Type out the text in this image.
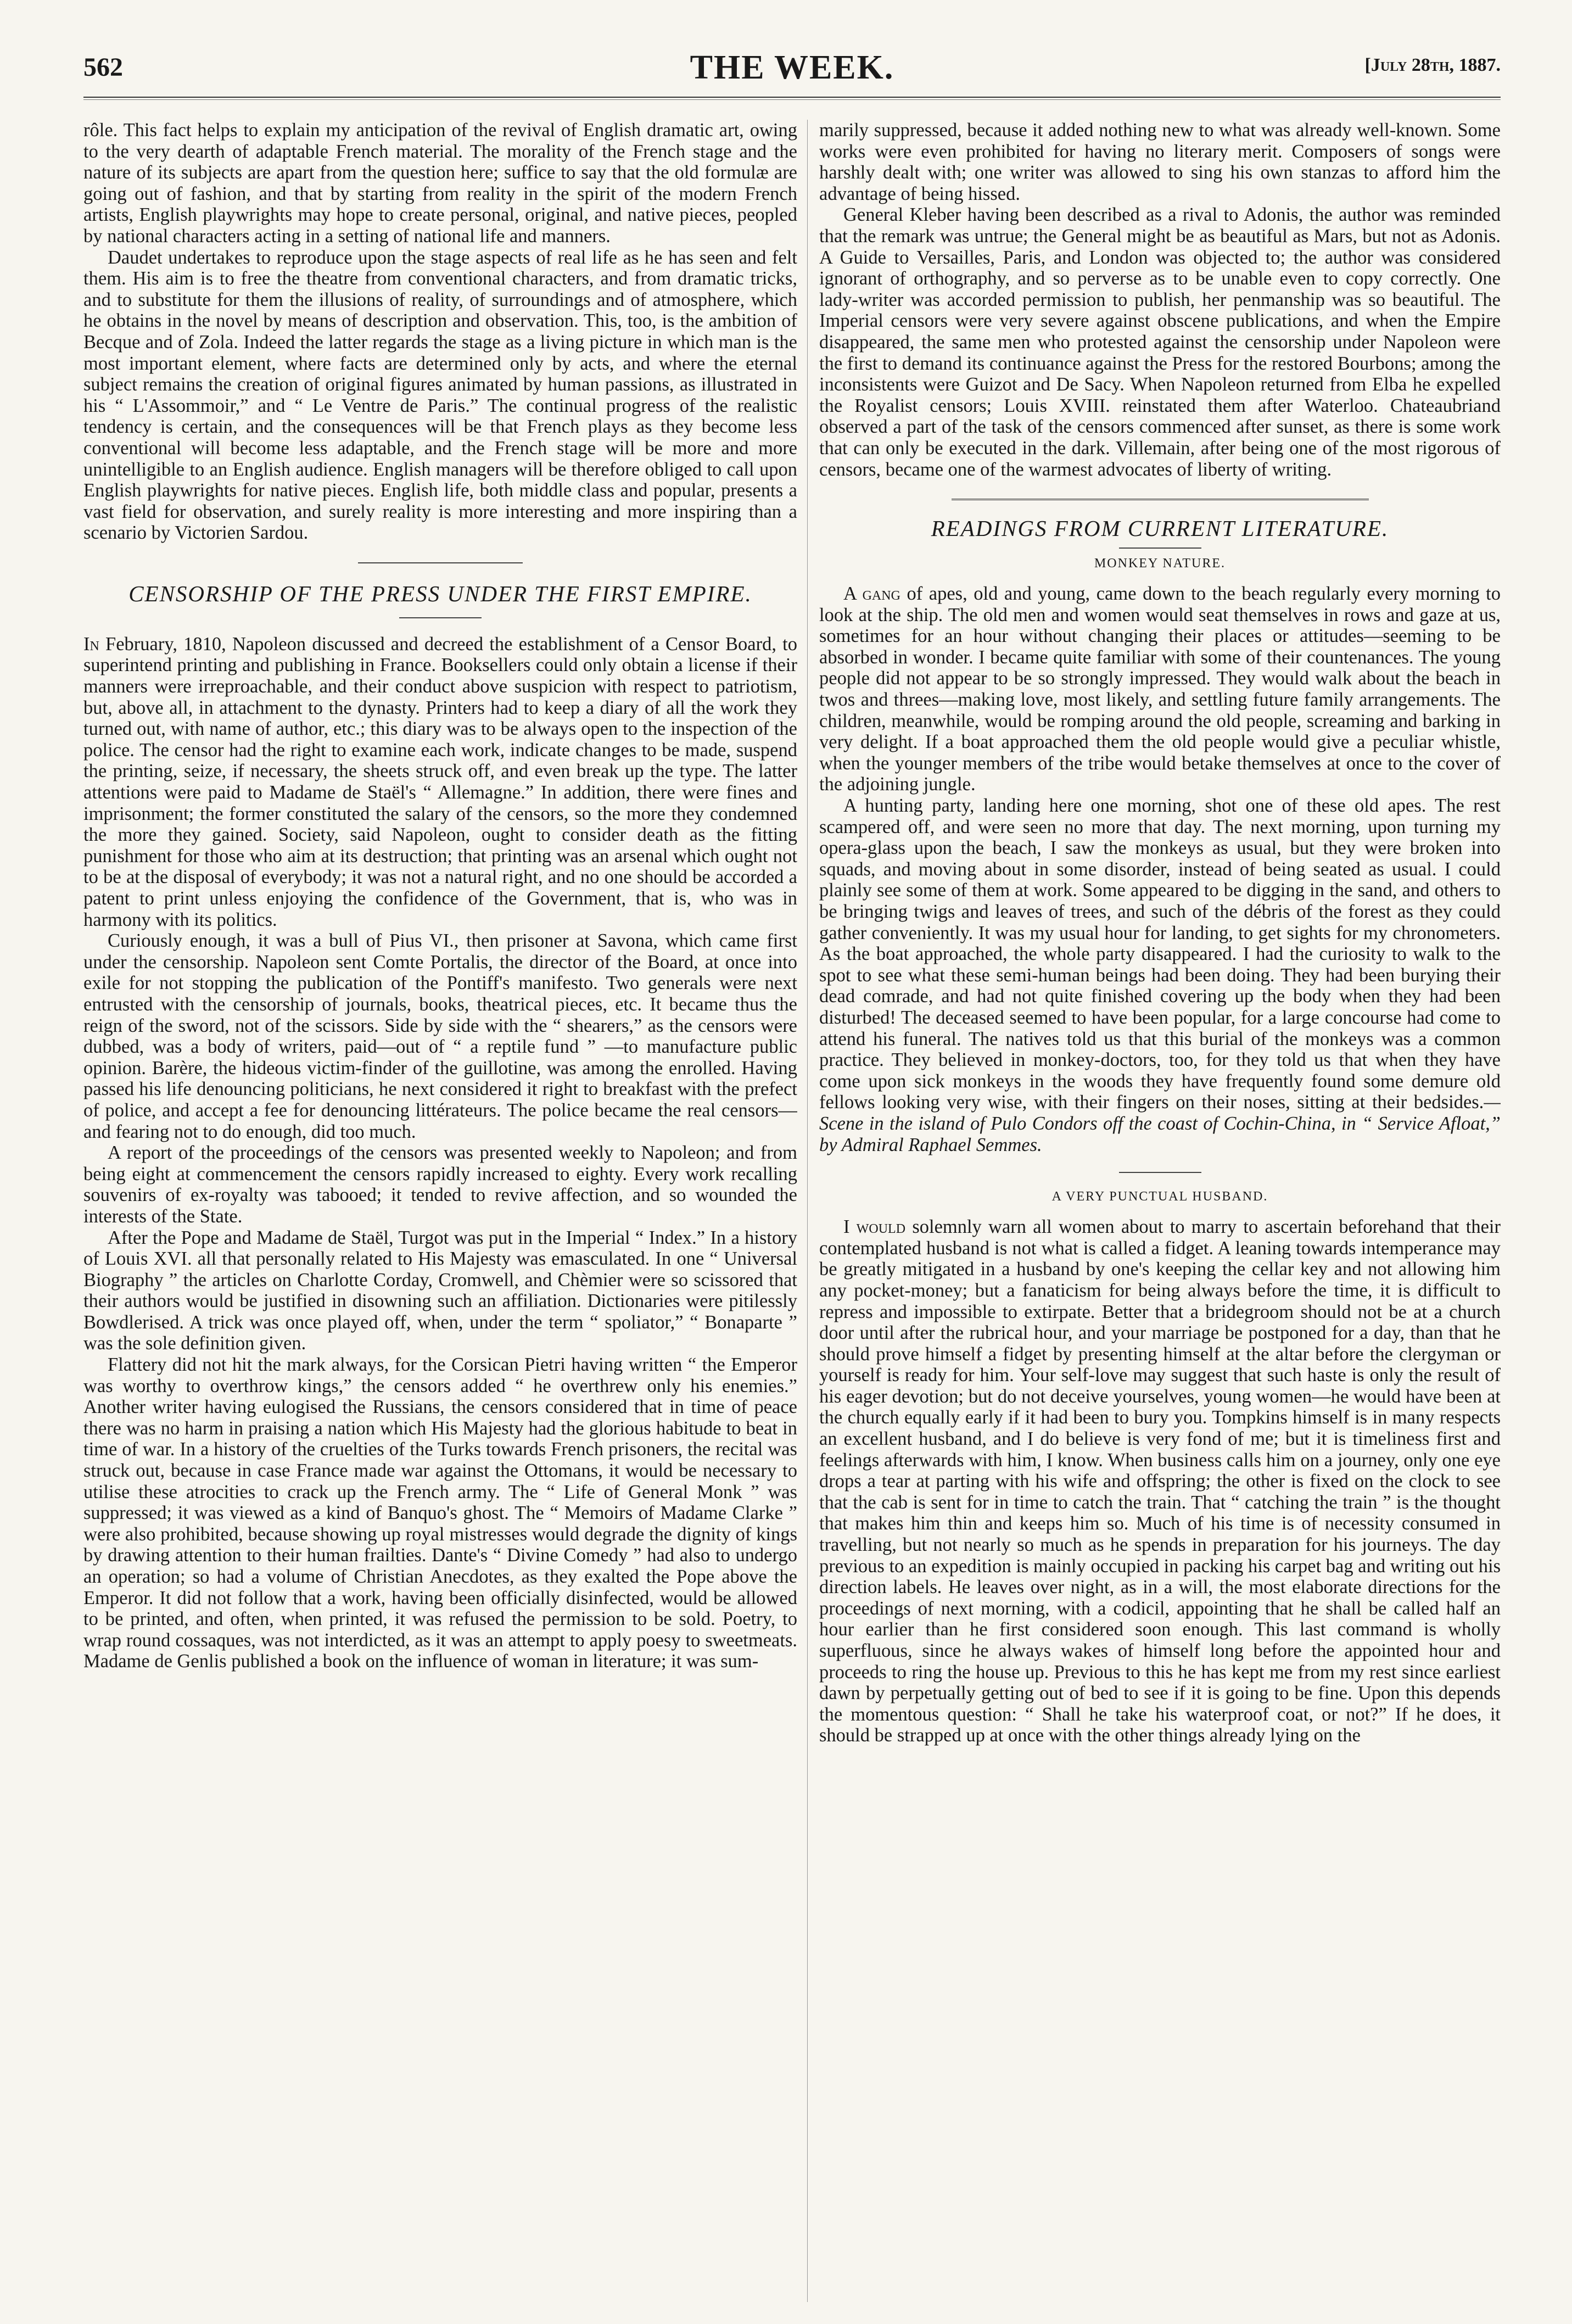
562	THE WEEK.	[July 28th, 1887.

rôle. This fact helps to explain my anticipation of the revival of English dramatic art, owing to the very dearth of adaptable French material. The morality of the French stage and the nature of its subjects are apart from the question here; suffice to say that the old formulæ are going out of fashion, and that by starting from reality in the spirit of the modern French artists, English playwrights may hope to create personal, original, and native pieces, peopled by national characters acting in a setting of national life and manners.

Daudet undertakes to reproduce upon the stage aspects of real life as he has seen and felt them. His aim is to free the theatre from conventional characters, and from dramatic tricks, and to substitute for them the illusions of reality, of surroundings and of atmosphere, which he obtains in the novel by means of description and observation. This, too, is the ambition of Becque and of Zola. Indeed the latter regards the stage as a living picture in which man is the most important element, where facts are determined only by acts, and where the eternal subject remains the creation of original figures animated by human passions, as illustrated in his “ L'Assommoir,” and “ Le Ventre de Paris.” The continual progress of the realistic tendency is certain, and the consequences will be that French plays as they become less conventional will become less adaptable, and the French stage will be more and more unintelligible to an English audience. English managers will be therefore obliged to call upon English playwrights for native pieces. English life, both middle class and popular, presents a vast field for observation, and surely reality is more interesting and more inspiring than a scenario by Victorien Sardou.

CENSORSHIP OF THE PRESS UNDER THE FIRST EMPIRE.

In February, 1810, Napoleon discussed and decreed the establishment of a Censor Board, to superintend printing and publishing in France. Booksellers could only obtain a license if their manners were irreproachable, and their conduct above suspicion with respect to patriotism, but, above all, in attachment to the dynasty. Printers had to keep a diary of all the work they turned out, with name of author, etc.; this diary was to be always open to the inspection of the police. The censor had the right to examine each work, indicate changes to be made, suspend the printing, seize, if necessary, the sheets struck off, and even break up the type. The latter attentions were paid to Madame de Staël's “ Allemagne.” In addition, there were fines and imprisonment; the former constituted the salary of the censors, so the more they condemned the more they gained. Society, said Napoleon, ought to consider death as the fitting punishment for those who aim at its destruction; that printing was an arsenal which ought not to be at the disposal of everybody; it was not a natural right, and no one should be accorded a patent to print unless enjoying the confidence of the Government, that is, who was in harmony with its politics.

Curiously enough, it was a bull of Pius VI., then prisoner at Savona, which came first under the censorship. Napoleon sent Comte Portalis, the director of the Board, at once into exile for not stopping the publication of the Pontiff's manifesto. Two generals were next entrusted with the censorship of journals, books, theatrical pieces, etc. It became thus the reign of the sword, not of the scissors. Side by side with the “ shearers,” as the censors were dubbed, was a body of writers, paid—out of “ a reptile fund ” —to manufacture public opinion. Barère, the hideous victim-finder of the guillotine, was among the enrolled. Having passed his life denouncing politicians, he next considered it right to breakfast with the prefect of police, and accept a fee for denouncing littérateurs. The police became the real censors—and fearing not to do enough, did too much.

A report of the proceedings of the censors was presented weekly to Napoleon; and from being eight at commencement the censors rapidly increased to eighty. Every work recalling souvenirs of ex-royalty was tabooed; it tended to revive affection, and so wounded the interests of the State.

After the Pope and Madame de Staël, Turgot was put in the Imperial “ Index.” In a history of Louis XVI. all that personally related to His Majesty was emasculated. In one “ Universal Biography ” the articles on Charlotte Corday, Cromwell, and Chèmier were so scissored that their authors would be justified in disowning such an affiliation. Dictionaries were pitilessly Bowdlerised. A trick was once played off, when, under the term “ spoliator,” “ Bonaparte ” was the sole definition given.

Flattery did not hit the mark always, for the Corsican Pietri having written “ the Emperor was worthy to overthrow kings,” the censors added “ he overthrew only his enemies.” Another writer having eulogised the Russians, the censors considered that in time of peace there was no harm in praising a nation which His Majesty had the glorious habitude to beat in time of war. In a history of the cruelties of the Turks towards French prisoners, the recital was struck out, because in case France made war against the Ottomans, it would be necessary to utilise these atrocities to crack up the French army. The “ Life of General Monk ” was suppressed; it was viewed as a kind of Banquo's ghost. The “ Memoirs of Madame Clarke ” were also prohibited, because showing up royal mistresses would degrade the dignity of kings by drawing attention to their human frailties. Dante's “ Divine Comedy ” had also to undergo an operation; so had a volume of Christian Anecdotes, as they exalted the Pope above the Emperor. It did not follow that a work, having been officially disinfected, would be allowed to be printed, and often, when printed, it was refused the permission to be sold. Poetry, to wrap round cossaques, was not interdicted, as it was an attempt to apply poesy to sweetmeats. Madame de Genlis published a book on the influence of woman in literature; it was sum-

marily suppressed, because it added nothing new to what was already well-known. Some works were even prohibited for having no literary merit. Composers of songs were harshly dealt with; one writer was allowed to sing his own stanzas to afford him the advantage of being hissed.

General Kleber having been described as a rival to Adonis, the author was reminded that the remark was untrue; the General might be as beautiful as Mars, but not as Adonis. A Guide to Versailles, Paris, and London was objected to; the author was considered ignorant of orthography, and so perverse as to be unable even to copy correctly. One lady-writer was accorded permission to publish, her penmanship was so beautiful. The Imperial censors were very severe against obscene publications, and when the Empire disappeared, the same men who protested against the censorship under Napoleon were the first to demand its continuance against the Press for the restored Bourbons; among the inconsistents were Guizot and De Sacy. When Napoleon returned from Elba he expelled the Royalist censors; Louis XVIII. reinstated them after Waterloo. Chateaubriand observed a part of the task of the censors commenced after sunset, as there is some work that can only be executed in the dark. Villemain, after being one of the most rigorous of censors, became one of the warmest advocates of liberty of writing.

READINGS FROM CURRENT LITERATURE.
MONKEY NATURE.

A gang of apes, old and young, came down to the beach regularly every morning to look at the ship. The old men and women would seat themselves in rows and gaze at us, sometimes for an hour without changing their places or attitudes—seeming to be absorbed in wonder. I became quite familiar with some of their countenances. The young people did not appear to be so strongly impressed. They would walk about the beach in twos and threes—making love, most likely, and settling future family arrangements. The children, meanwhile, would be romping around the old people, screaming and barking in very delight. If a boat approached them the old people would give a peculiar whistle, when the younger members of the tribe would betake themselves at once to the cover of the adjoining jungle.

A hunting party, landing here one morning, shot one of these old apes. The rest scampered off, and were seen no more that day. The next morning, upon turning my opera-glass upon the beach, I saw the monkeys as usual, but they were broken into squads, and moving about in some disorder, instead of being seated as usual. I could plainly see some of them at work. Some appeared to be digging in the sand, and others to be bringing twigs and leaves of trees, and such of the débris of the forest as they could gather conveniently. It was my usual hour for landing, to get sights for my chronometers. As the boat approached, the whole party disappeared. I had the curiosity to walk to the spot to see what these semi-human beings had been doing. They had been burying their dead comrade, and had not quite finished covering up the body when they had been disturbed! The deceased seemed to have been popular, for a large concourse had come to attend his funeral. The natives told us that this burial of the monkeys was a common practice. They believed in monkey-doctors, too, for they told us that when they have come upon sick monkeys in the woods they have frequently found some demure old fellows looking very wise, with their fingers on their noses, sitting at their bedsides.—Scene in the island of Pulo Condors off the coast of Cochin-China, in “ Service Afloat,” by Admiral Raphael Semmes.

A VERY PUNCTUAL HUSBAND.

I would solemnly warn all women about to marry to ascertain beforehand that their contemplated husband is not what is called a fidget. A leaning towards intemperance may be greatly mitigated in a husband by one's keeping the cellar key and not allowing him any pocket-money; but a fanaticism for being always before the time, it is difficult to repress and impossible to extirpate. Better that a bridegroom should not be at a church door until after the rubrical hour, and your marriage be postponed for a day, than that he should prove himself a fidget by presenting himself at the altar before the clergyman or yourself is ready for him. Your self-love may suggest that such haste is only the result of his eager devotion; but do not deceive yourselves, young women—he would have been at the church equally early if it had been to bury you. Tompkins himself is in many respects an excellent husband, and I do believe is very fond of me; but it is timeliness first and feelings afterwards with him, I know. When business calls him on a journey, only one eye drops a tear at parting with his wife and offspring; the other is fixed on the clock to see that the cab is sent for in time to catch the train. That “ catching the train ” is the thought that makes him thin and keeps him so. Much of his time is of necessity consumed in travelling, but not nearly so much as he spends in preparation for his journeys. The day previous to an expedition is mainly occupied in packing his carpet bag and writing out his direction labels. He leaves over night, as in a will, the most elaborate directions for the proceedings of next morning, with a codicil, appointing that he shall be called half an hour earlier than he first considered soon enough. This last command is wholly superfluous, since he always wakes of himself long before the appointed hour and proceeds to ring the house up. Previous to this he has kept me from my rest since earliest dawn by perpetually getting out of bed to see if it is going to be fine. Upon this depends the momentous question: “ Shall he take his waterproof coat, or not?” If he does, it should be strapped up at once with the other things already lying on the
